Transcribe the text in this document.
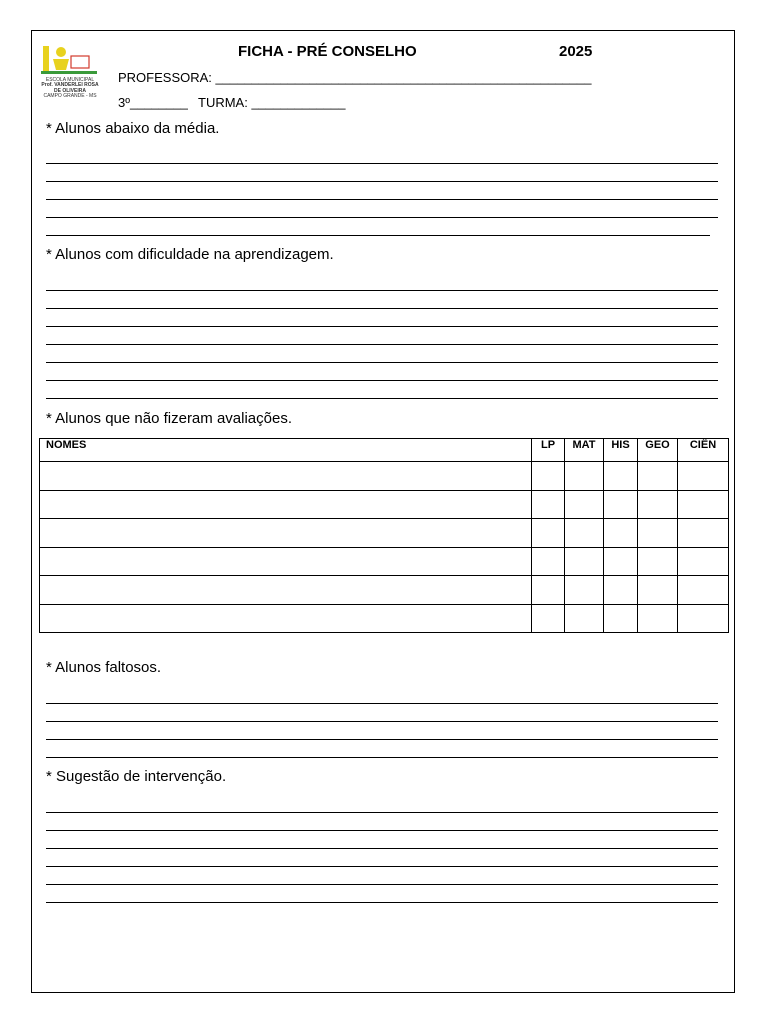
ESCOLA MUNICIPAL
Prof. VANDERLEI ROSA
DE OLIVEIRA
CAMPO GRANDE - MS
FICHA - PRÉ CONSELHO	2025
PROFESSORA: ____________________________________________________
3º________ TURMA: _____________
* Alunos abaixo da média.
* Alunos com dificuldade na aprendizagem.
* Alunos que não fizeram avaliações.
NOMES	LP	MAT	HIS	GEO	CIÊN

* Alunos faltosos.
* Sugestão de intervenção.
